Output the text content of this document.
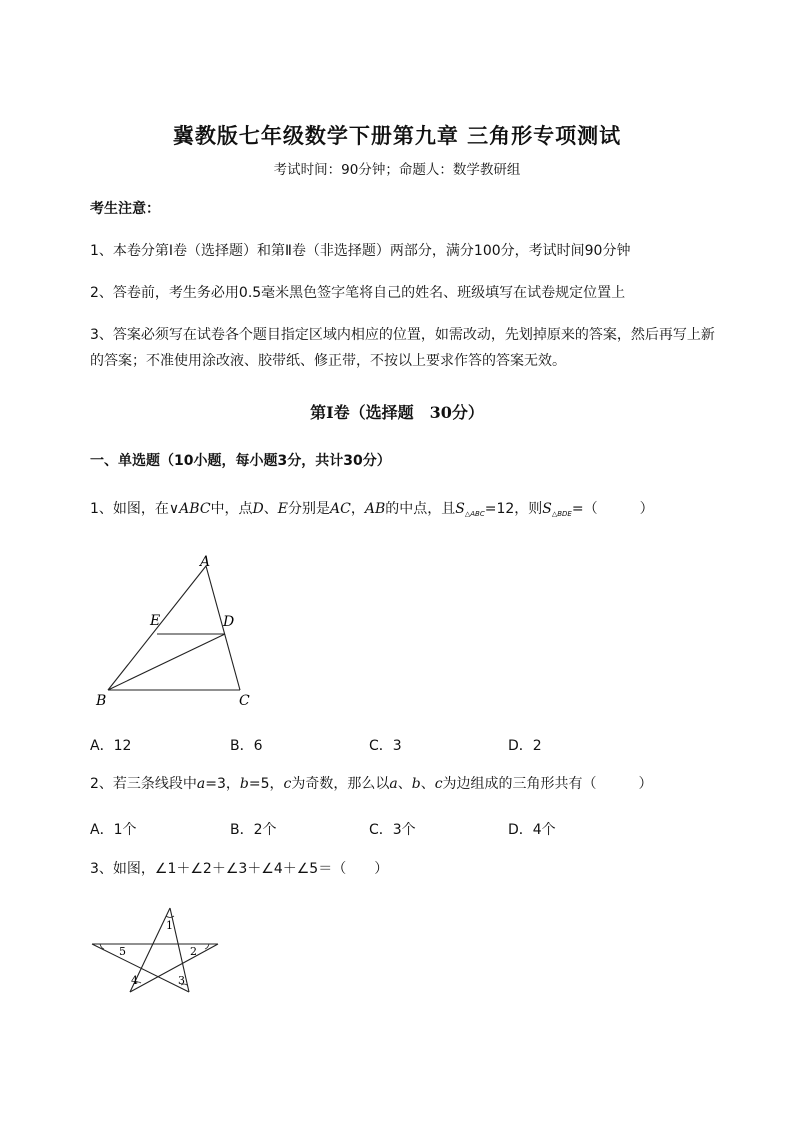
冀教版七年级数学下册第九章 三角形专项测试
考试时间：90分钟；命题人：数学教研组
考生注意：
1、本卷分第I卷（选择题）和第Ⅱ卷（非选择题）两部分，满分100分，考试时间90分钟
2、答卷前，考生务必用0.5毫米黑色签字笔将自己的姓名、班级填写在试卷规定位置上
3、答案必须写在试卷各个题目指定区域内相应的位置，如需改动，先划掉原来的答案，然后再写上新
的答案；不准使用涂改液、胶带纸、修正带，不按以上要求作答的答案无效。
第I卷（选择题　30分）
一、单选题（10小题，每小题3分，共计30分）
1、如图，在∨ABC中，点D、E分别是AC，AB的中点，且$S_{\triangle ABC}=12$，则$S_{\triangle BDE}=$（　　　）
A
E	D
B	C
A．12	B．6	C．3	D．2
2、若三条线段中a=3，b=5，c为奇数，那么以a、b、c为边组成的三角形共有（　　　）
A．1个	B．2个	C．3个	D．4个
3、如图，∠1＋∠2＋∠3＋∠4＋∠5＝（　　）
1
2
3
4
5
